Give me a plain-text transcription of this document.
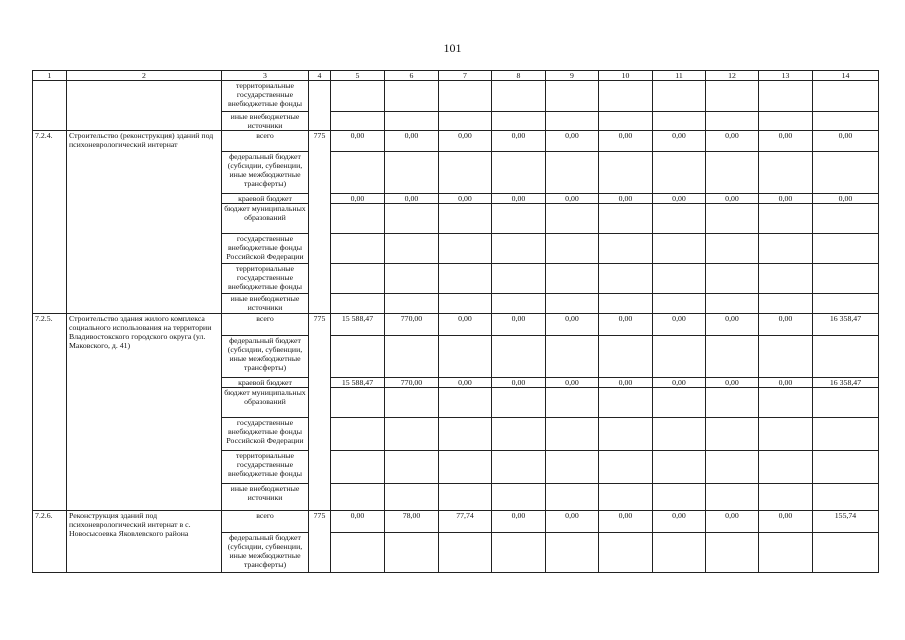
101
1	2	3	4	5	6	7	8	9	10	11	12	13	14
		территориальные государственные внебюджетные фонды											
		иные внебюджетные источники											
7.2.4.	Строительство (реконструкция) зданий под психоневрологический интернат	всего	775	0,00	0,00	0,00	0,00	0,00	0,00	0,00	0,00	0,00	0,00
		федеральный бюджет (субсидии, субвенции, иные межбюджетные трансферты)											
		краевой бюджет		0,00	0,00	0,00	0,00	0,00	0,00	0,00	0,00	0,00	0,00
		бюджет муниципальных образований											
		государственные внебюджетные фонды Российской Федерации											
		территориальные государственные внебюджетные фонды											
		иные внебюджетные источники											
7.2.5.	Строительство здания жилого комплекса социального использования на территории Владивостокского городского округа (ул. Маковского, д. 41)	всего	775	15 588,47	770,00	0,00	0,00	0,00	0,00	0,00	0,00	0,00	16 358,47
		федеральный бюджет (субсидии, субвенции, иные межбюджетные трансферты)											
		краевой бюджет		15 588,47	770,00	0,00	0,00	0,00	0,00	0,00	0,00	0,00	16 358,47
		бюджет муниципальных образований											
		государственные внебюджетные фонды Российской Федерации											
		территориальные государственные внебюджетные фонды											
		иные внебюджетные источники											
7.2.6.	Реконструкция зданий под психоневрологический интернат в с. Новосысоевка Яковлевского района	всего	775	0,00	78,00	77,74	0,00	0,00	0,00	0,00	0,00	0,00	155,74
		федеральный бюджет (субсидии, субвенции, иные межбюджетные трансферты)											
